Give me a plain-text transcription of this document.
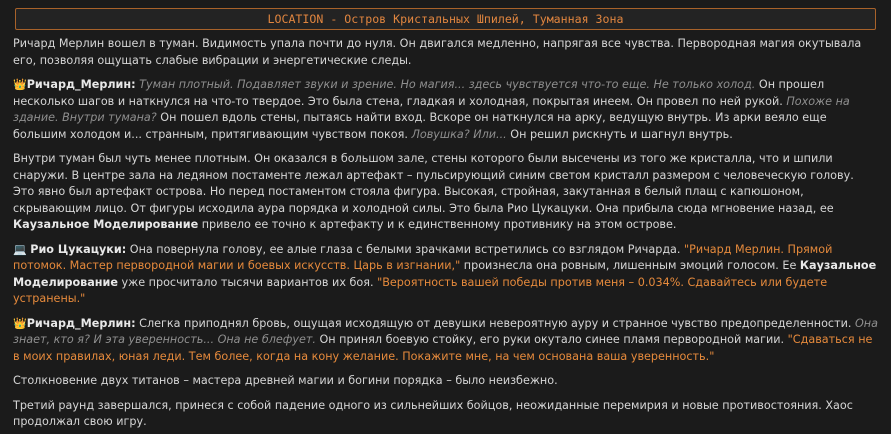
LOCATION - Остров Кристальных Шпилей, Туманная Зона

Ричард Мерлин вошел в туман. Видимость упала почти до нуля. Он двигался медленно, напрягая все чувства. Первородная магия окутывала его, позволяя ощущать слабые вибрации и энергетические следы.

👑Ричард_Мерлин: Туман плотный. Подавляет звуки и зрение. Но магия... здесь чувствуется что-то еще. Не только холод. Он прошел несколько шагов и наткнулся на что-то твердое. Это была стена, гладкая и холодная, покрытая инеем. Он провел по ней рукой. Похоже на здание. Внутри тумана? Он пошел вдоль стены, пытаясь найти вход. Вскоре он наткнулся на арку, ведущую внутрь. Из арки веяло еще большим холодом и... странным, притягивающим чувством покоя. Ловушка? Или... Он решил рискнуть и шагнул внутрь.

Внутри туман был чуть менее плотным. Он оказался в большом зале, стены которого были высечены из того же кристалла, что и шпили снаружи. В центре зала на ледяном постаменте лежал артефакт – пульсирующий синим светом кристалл размером с человеческую голову. Это явно был артефакт острова. Но перед постаментом стояла фигура. Высокая, стройная, закутанная в белый плащ с капюшоном, скрывающим лицо. От фигуры исходила аура порядка и холодной силы. Это была Рио Цукацуки. Она прибыла сюда мгновение назад, ее Каузальное Моделирование привело ее точно к артефакту и к единственному противнику на этом острове.

💻 Рио Цукацуки: Она повернула голову, ее алые глаза с белыми зрачками встретились со взглядом Ричарда. "Ричард Мерлин. Прямой потомок. Мастер первородной магии и боевых искусств. Царь в изгнании," произнесла она ровным, лишенным эмоций голосом. Ее Каузальное Моделирование уже просчитало тысячи вариантов их боя. "Вероятность вашей победы против меня – 0.034%. Сдавайтесь или будете устранены."

👑Ричард_Мерлин: Слегка приподнял бровь, ощущая исходящую от девушки невероятную ауру и странное чувство предопределенности. Она знает, кто я? И эта уверенность... Она не блефует. Он принял боевую стойку, его руки окутало синее пламя первородной магии. "Сдаваться не в моих правилах, юная леди. Тем более, когда на кону желание. Покажите мне, на чем основана ваша уверенность."

Столкновение двух титанов – мастера древней магии и богини порядка – было неизбежно.

Третий раунд завершался, принеся с собой падение одного из сильнейших бойцов, неожиданные перемирия и новые противостояния. Хаос продолжал свою игру.
